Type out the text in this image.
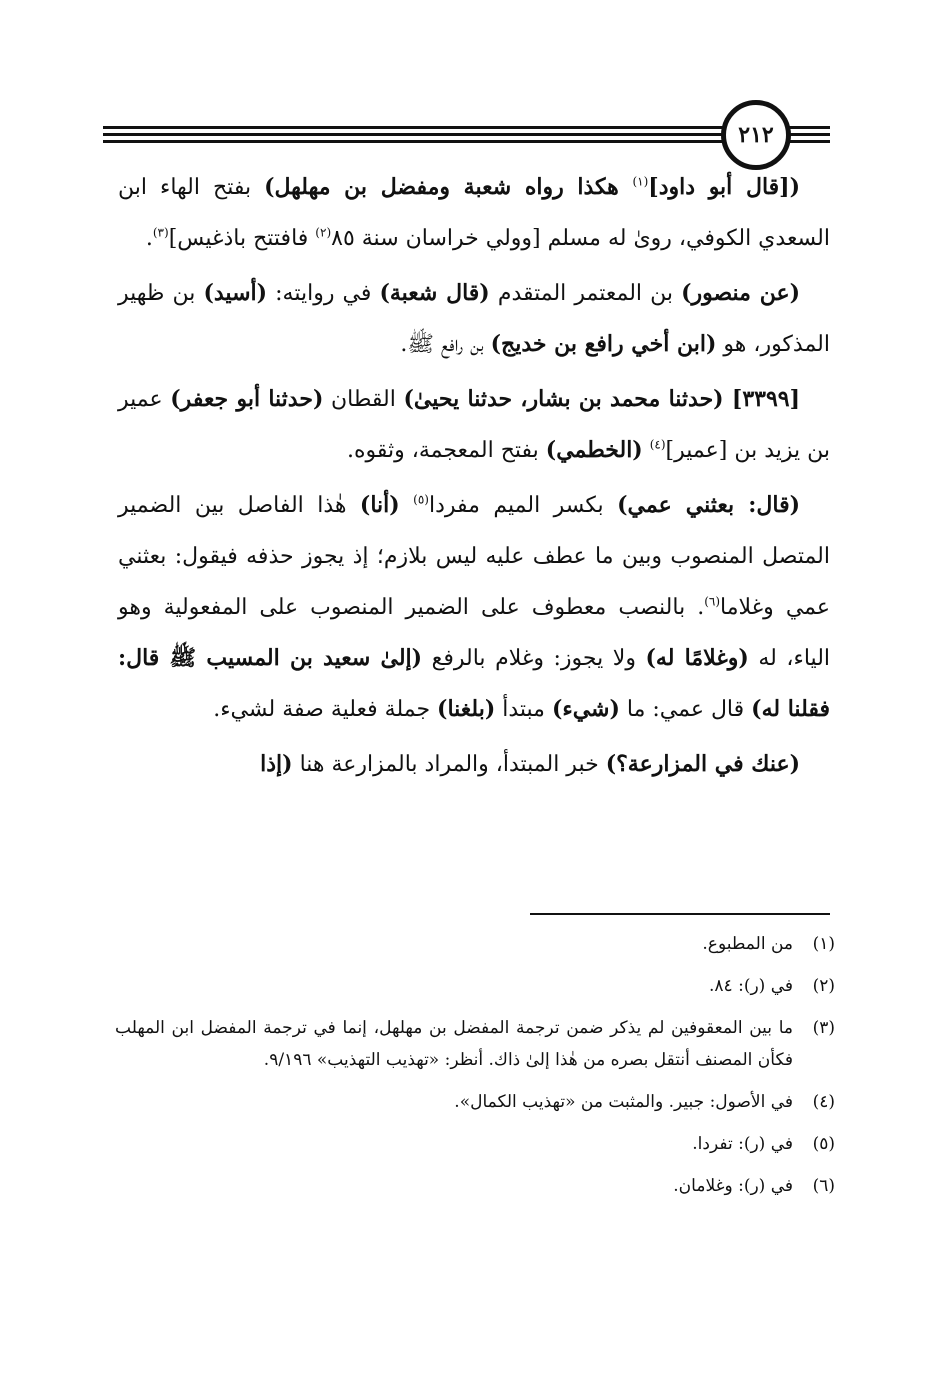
٢١٢

([قال أبو داود]$^{(١)}$ هكذا رواه شعبة ومفضل بن مهلهل) بفتح الهاء ابن السعدي الكوفي، روىٰ له مسلم [وولي خراسان سنة ٨٥$^{(٢)}$ فافتتح باذغيس]$^{(٣)}$.

(عن منصور) بن المعتمر المتقدم (قال شعبة) في روايته: (أسيد) بن ظهير المذكور، هو (ابن أخي رافع بن خديج) بن رافع ﷺ.

[٣٣٩٩] (حدثنا محمد بن بشار، حدثنا يحيىٰ) القطان (حدثنا أبو جعفر) عمير بن يزيد بن [عمير]$^{(٤)}$ (الخطمي) بفتح المعجمة، وثقوه.

(قال: بعثني عمي) بكسر الميم مفردا$^{(٥)}$ (أنا) هٰذا الفاصل بين الضمير المتصل المنصوب وبين ما عطف عليه ليس بلازم؛ إذ يجوز حذفه فيقول: بعثني عمي وغلاما$^{(٦)}$. بالنصب معطوف على الضمير المنصوب على المفعولية وهو الياء، له (وغلامًا له) ولا يجوز: وغلام بالرفع (إلىٰ سعيد بن المسيب ﷺ قال: فقلنا له) قال عمي: ما (شيء) مبتدأ (بلغنا) جملة فعلية صفة لشيء.

(عنك في المزارعة؟) خبر المبتدأ، والمراد بالمزارعة هنا (إذا

(١)
من المطبوع.
(٢)
في (ر): ٨٤.
(٣)
ما بين المعقوفين لم يذكر ضمن ترجمة المفضل بن مهلهل، إنما في ترجمة المفضل ابن المهلب فكأن المصنف أنتقل بصره من هٰذا إلىٰ ذاك. أنظر: «تهذيب التهذيب» ٩/١٩٦.
(٤)
في الأصول: جبير. والمثبت من «تهذيب الكمال».
(٥)
في (ر): تفردا.
(٦)
في (ر): وغلامان.
